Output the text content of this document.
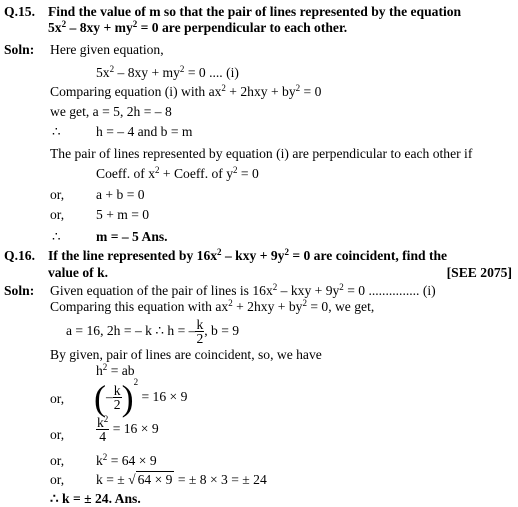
Q.15. Find the value of m so that the pair of lines represented by the equation
$5x^2 - 8xy + my^2 = 0$ are perpendicular to each other.
Soln: Here given equation,
$5x^2 - 8xy + my^2 = 0$ .... (i)
Comparing equation (i) with $ax^2 + 2hxy + by^2 = 0$
we get, a = 5, 2h = – 8
∴	h = – 4 and b = m
The pair of lines represented by equation (i) are perpendicular to each other if
Coeff. of $x^2$ + Coeff. of $y^2 = 0$
or, a + b = 0
or, 5 + m = 0
∴	m = – 5 Ans.
Q.16. If the line represented by $16x^2$ – kxy + $9y^2 = 0$ are coincident, find the
value of k.	[SEE 2075]
Soln: Given equation of the pair of lines is $16x^2$ – kxy + $9y^2 = 0$ ............... (i)
Comparing this equation with $ax^2 + 2hxy + by^2 = 0$, we get,
a = 16, 2h = – k ∴ h = – $\frac{k}{2}$ , b = 9
By given, pair of lines are coincident, so, we have
$h^2$ = ab
or, (– $\frac{k}{2} )^2 = 16 \times 9$
or, $\frac{k^2}{4} = 16 \times 9$
or, $k^2 = 64 \times 9$
or, k = ± √ 64 × 9 = ± 8 × 3 = ± 24
∴ k = ± 24. Ans.
